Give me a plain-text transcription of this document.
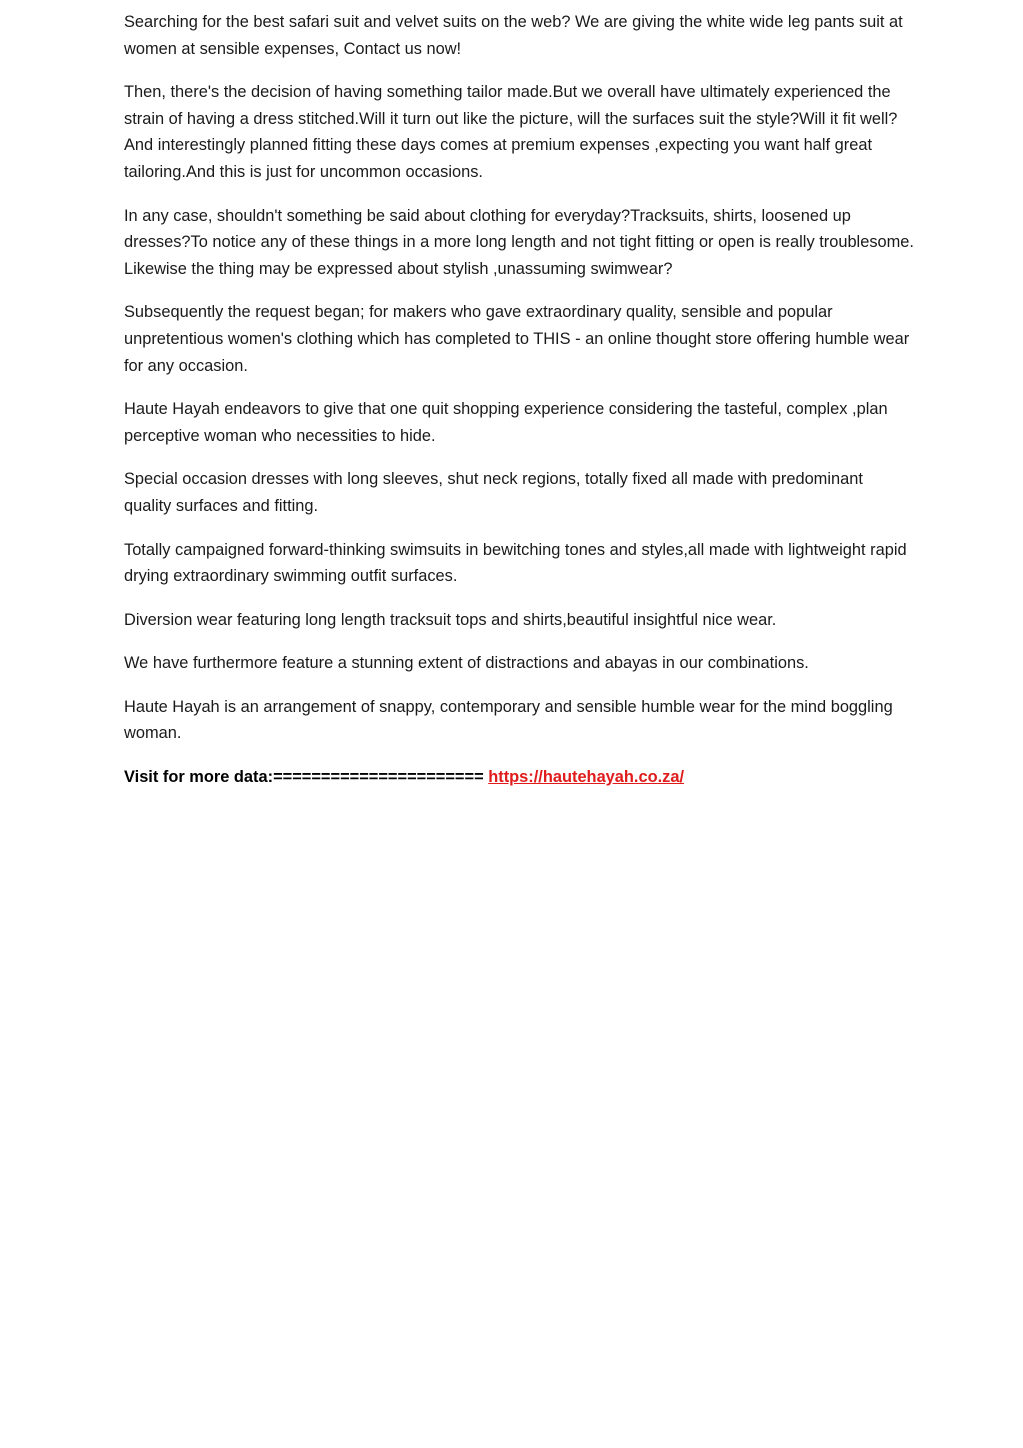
Searching for the best safari suit and velvet suits on the web? We are giving the white wide leg pants suit at women at sensible expenses, Contact us now!

Then, there's the decision of having something tailor made.But we overall have ultimately experienced the strain of having a dress stitched.Will it turn out like the picture, will the surfaces suit the style?Will it fit well?And interestingly planned fitting these days comes at premium expenses ,expecting you want half great tailoring.And this is just for uncommon occasions.

In any case, shouldn't something be said about clothing for everyday?Tracksuits, shirts, loosened up dresses?To notice any of these things in a more long length and not tight fitting or open is really troublesome. Likewise the thing may be expressed about stylish ,unassuming swimwear?

Subsequently the request began; for makers who gave extraordinary quality, sensible and popular unpretentious women's clothing which has completed to THIS - an online thought store offering humble wear for any occasion.

Haute Hayah endeavors to give that one quit shopping experience considering the tasteful, complex ,plan perceptive woman who necessities to hide.

Special occasion dresses with long sleeves, shut neck regions, totally fixed all made with predominant quality surfaces and fitting.

Totally campaigned forward-thinking swimsuits in bewitching tones and styles,all made with lightweight rapid drying extraordinary swimming outfit surfaces.

Diversion wear featuring long length tracksuit tops and shirts,beautiful insightful nice wear.

We have furthermore feature a stunning extent of distractions and abayas in our combinations.

Haute Hayah is an arrangement of snappy, contemporary and sensible humble wear for the mind boggling woman.

Visit for more data:====================== https://hautehayah.co.za/
